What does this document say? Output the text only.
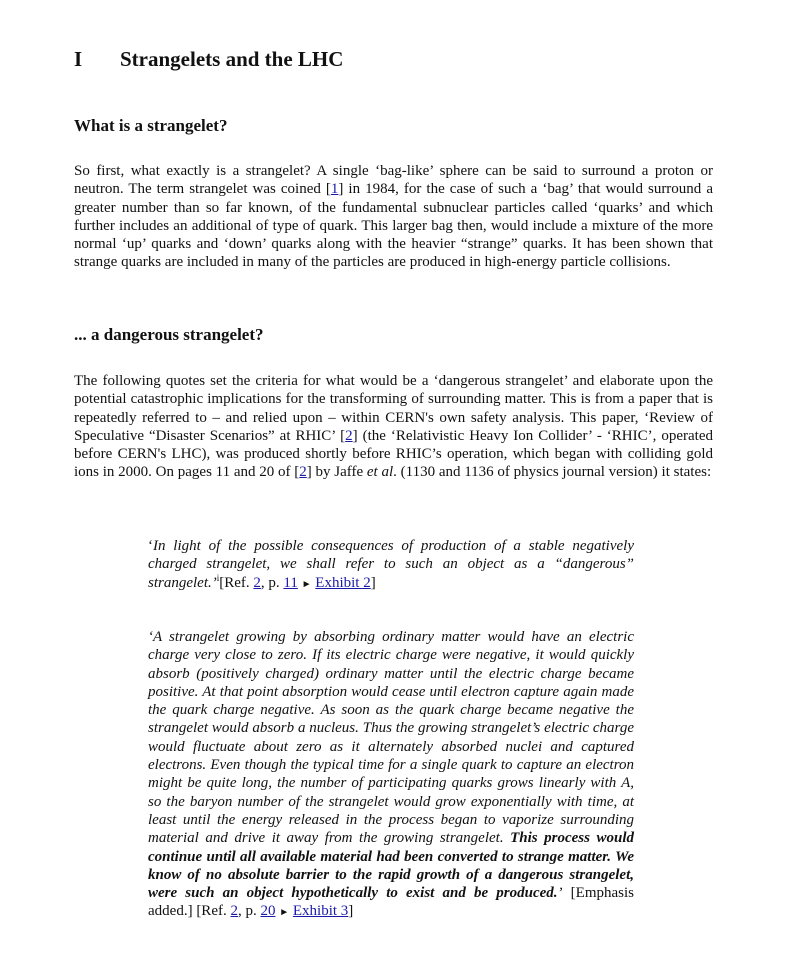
I Strangelets and the LHC
What is a strangelet?

So first, what exactly is a strangelet? A single ‘bag-like’ sphere can be said to surround a proton or neutron. The term strangelet was coined [1] in 1984, for the case of such a ‘bag’ that would surround a greater number than so far known, of the fundamental subnuclear particles called ‘quarks’ and which further includes an additional of type of quark. This larger bag then, would include a mixture of the more normal ‘up’ quarks and ‘down’ quarks along with the heavier “strange” quarks. It has been shown that strange quarks are included in many of the particles are produced in high-energy particle collisions.

... a dangerous strangelet?

The following quotes set the criteria for what would be a ‘dangerous strangelet’ and elaborate upon the potential catastrophic implications for the transforming of surrounding matter. This is from a paper that is repeatedly referred to – and relied upon – within CERN's own safety analysis. This paper, ‘Review of Speculative “Disaster Scenarios” at RHIC’ [2] (the ‘Relativistic Heavy Ion Collider’ - ‘RHIC’, operated before CERN's LHC), was produced shortly before RHIC’s operation, which began with colliding gold ions in 2000. On pages 11 and 20 of [2] by Jaffe et al. (1130 and 1136 of physics journal version) it states:

‘In light of the possible consequences of production of a stable negatively charged strangelet, we shall refer to such an object as a “dangerous” strangelet.’$^i$[Ref. 2, p. 11 ► Exhibit 2]

‘A strangelet growing by absorbing ordinary matter would have an electric charge very close to zero. If its electric charge were negative, it would quickly absorb (positively charged) ordinary matter until the electric charge became positive. At that point absorption would cease until electron capture again made the quark charge negative. As soon as the quark charge became negative the strangelet would absorb a nucleus. Thus the growing strangelet’s electric charge would fluctuate about zero as it alternately absorbed nuclei and captured electrons. Even though the typical time for a single quark to capture an electron might be quite long, the number of participating quarks grows linearly with A, so the baryon number of the strangelet would grow exponentially with time, at least until the energy released in the process began to vaporize surrounding material and drive it away from the growing strangelet. This process would continue until all available material had been converted to strange matter. We know of no absolute barrier to the rapid growth of a dangerous strangelet, were such an object hypothetically to exist and be produced.’ [Emphasis added.] [Ref. 2, p. 20 ► Exhibit 3]
